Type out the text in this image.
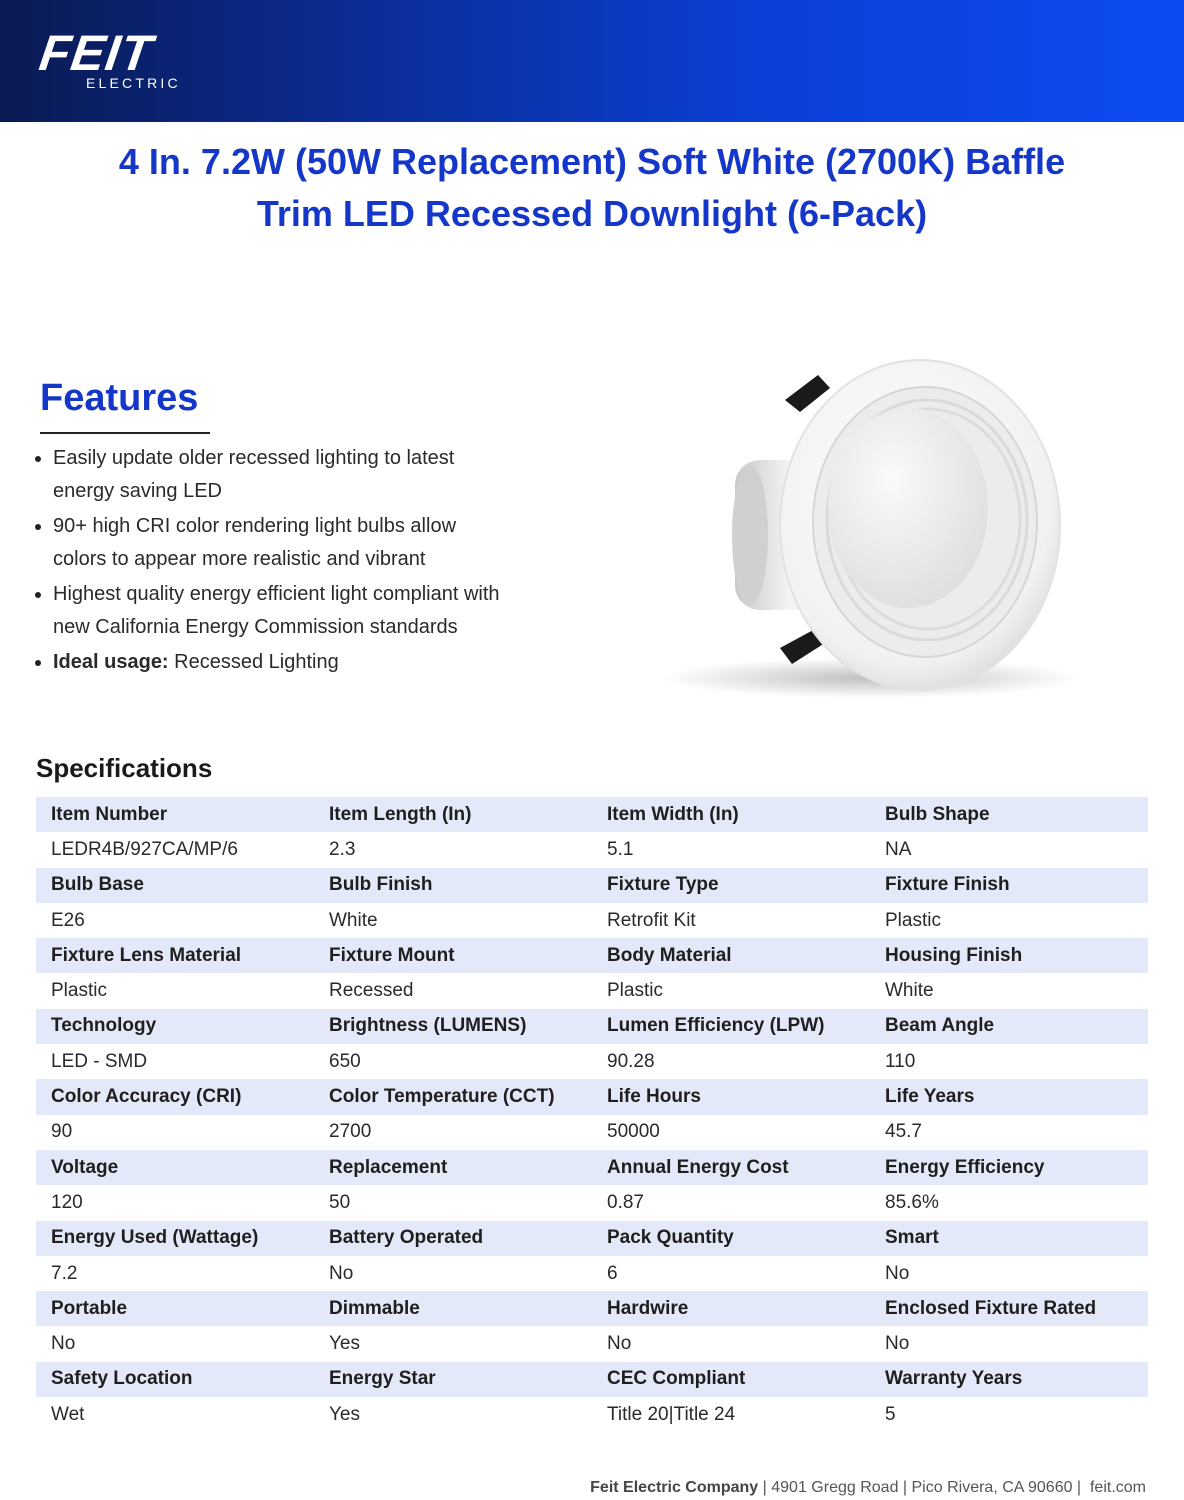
FEIT
ELECTRIC
4 In. 7.2W (50W Replacement) Soft White (2700K) Baffle
Trim LED Recessed Downlight (6-Pack)
Features
Easily update older recessed lighting to latest
energy saving LED
90+ high CRI color rendering light bulbs allow
colors to appear more realistic and vibrant
Highest quality energy efficient light compliant with
new California Energy Commission standards
Ideal usage: Recessed Lighting
Specifications
Item Number	Item Length (In)	Item Width (In)	Bulb Shape
LEDR4B/927CA/MP/6	2.3	5.1	NA
Bulb Base	Bulb Finish	Fixture Type	Fixture Finish
E26	White	Retrofit Kit	Plastic
Fixture Lens Material	Fixture Mount	Body Material	Housing Finish
Plastic	Recessed	Plastic	White
Technology	Brightness (LUMENS)	Lumen Efficiency (LPW)	Beam Angle
LED - SMD	650	90.28	110
Color Accuracy (CRI)	Color Temperature (CCT)	Life Hours	Life Years
90	2700	50000	45.7
Voltage	Replacement	Annual Energy Cost	Energy Efficiency
120	50	0.87	85.6%
Energy Used (Wattage)	Battery Operated	Pack Quantity	Smart
7.2	No	6	No
Portable	Dimmable	Hardwire	Enclosed Fixture Rated
No	Yes	No	No
Safety Location	Energy Star	CEC Compliant	Warranty Years
Wet	Yes	Title 20|Title 24	5
Feit Electric Company | 4901 Gregg Road | Pico Rivera, CA 90660 | feit.com
